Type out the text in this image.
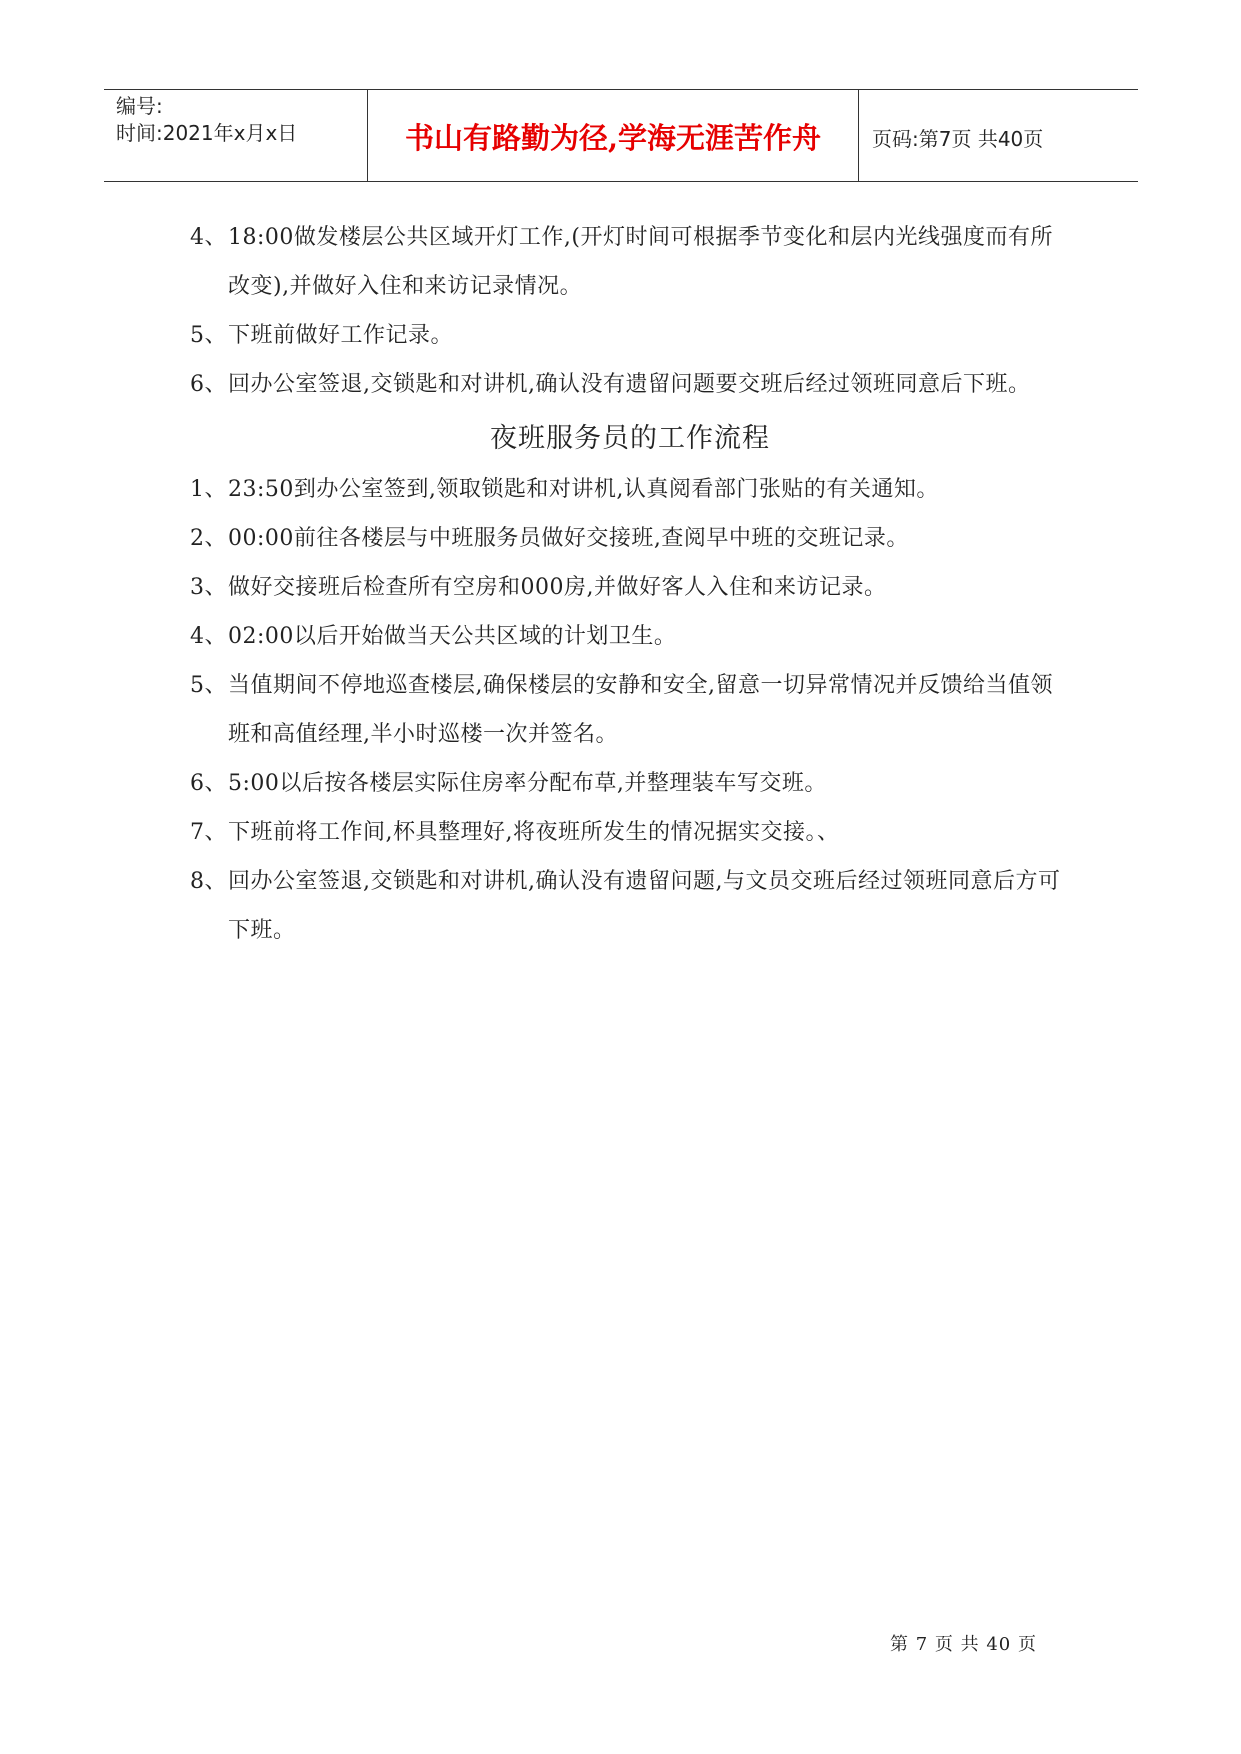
编号:
时间:2021年x月x日	书山有路勤为径,学海无涯苦作舟	页码:第7页 共40页
4、 18:00做发楼层公共区域开灯工作,(开灯时间可根据季节变化和层内光线强度而有所改变),并做好入住和来访记录情况。
5、 下班前做好工作记录。
6、 回办公室签退,交锁匙和对讲机,确认没有遗留问题要交班后经过领班同意后下班。
夜班服务员的工作流程
1、 23:50到办公室签到,领取锁匙和对讲机,认真阅看部门张贴的有关通知。
2、 00:00前往各楼层与中班服务员做好交接班,查阅早中班的交班记录。
3、 做好交接班后检查所有空房和000房,并做好客人入住和来访记录。
4、 02:00以后开始做当天公共区域的计划卫生。
5、 当值期间不停地巡查楼层,确保楼层的安静和安全,留意一切异常情况并反馈给当值领班和高值经理,半小时巡楼一次并签名。
6、 5:00以后按各楼层实际住房率分配布草,并整理装车写交班。
7、 下班前将工作间,杯具整理好,将夜班所发生的情况据实交接。、
8、 回办公室签退,交锁匙和对讲机,确认没有遗留问题,与文员交班后经过领班同意后方可下班。
第 7 页 共 40 页
